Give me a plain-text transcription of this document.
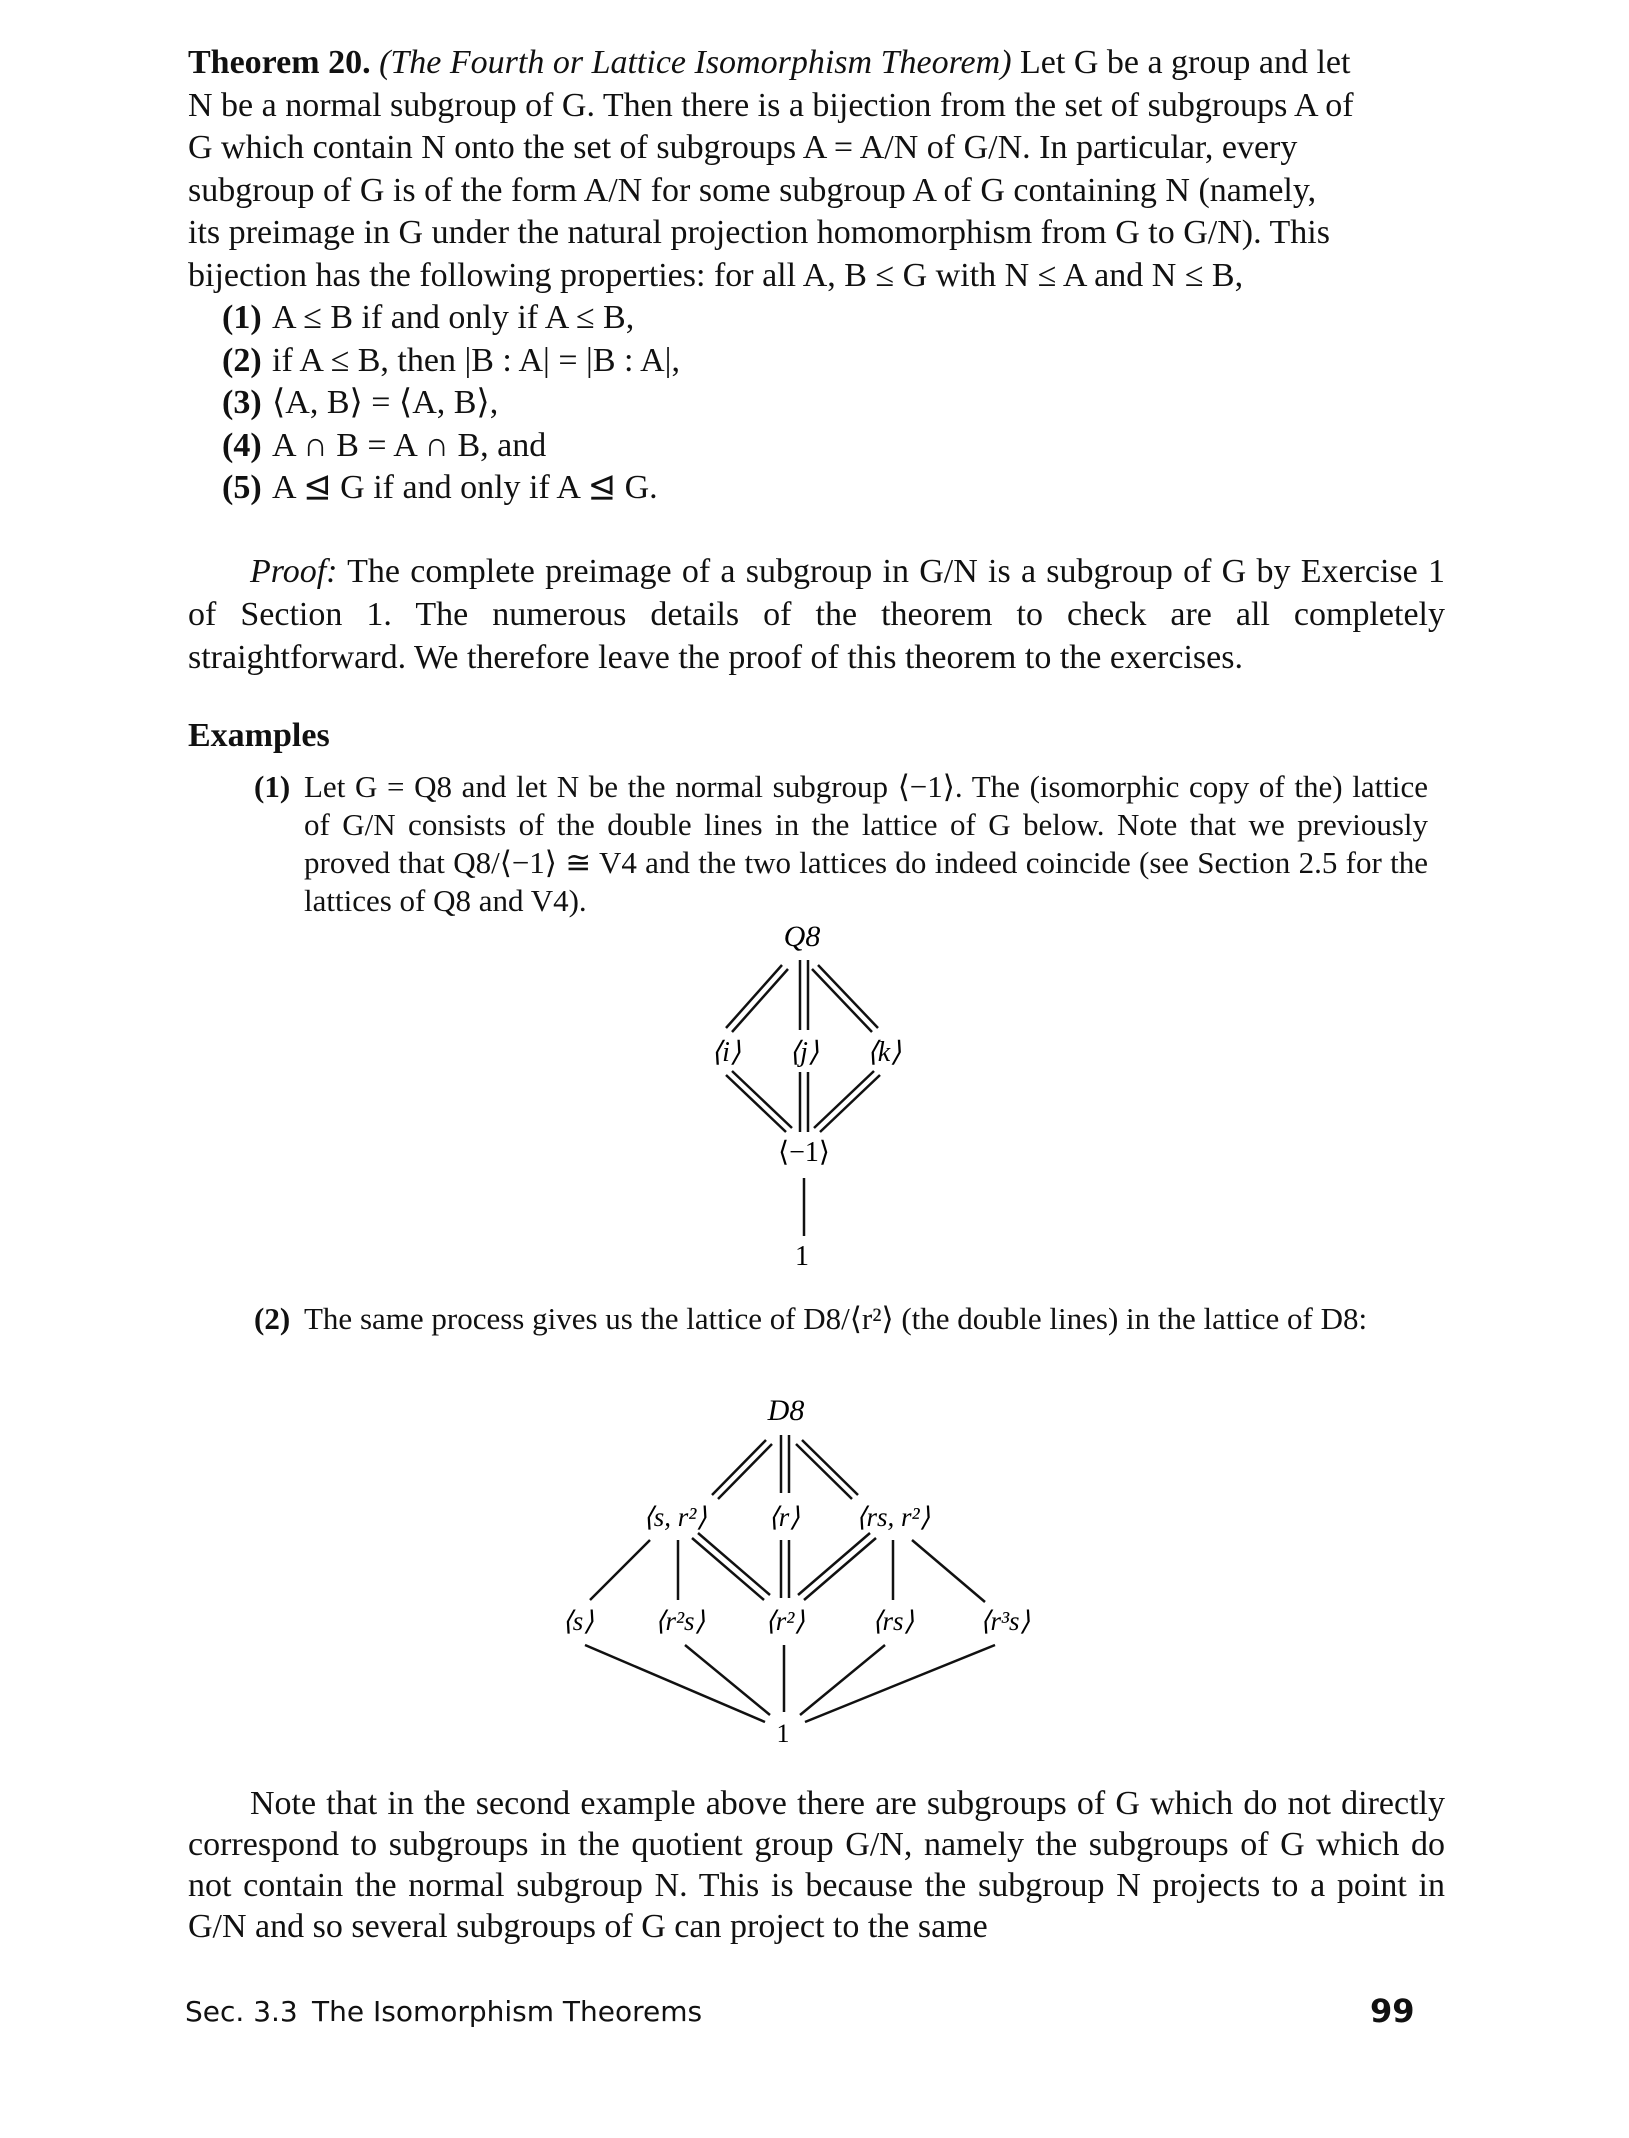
Theorem 20. (The Fourth or Lattice Isomorphism Theorem) Let G be a group and let
N be a normal subgroup of G. Then there is a bijection from the set of subgroups A of
G which contain N onto the set of subgroups A = A/N of G/N. In particular, every
subgroup of G is of the form A/N for some subgroup A of G containing N (namely,
its preimage in G under the natural projection homomorphism from G to G/N). This
bijection has the following properties: for all A, B ≤ G with N ≤ A and N ≤ B,
(1) A ≤ B if and only if A ≤ B,
(2) if A ≤ B, then |B : A| = |B : A|,
(3) ⟨A, B⟩ = ⟨A, B⟩,
(4) A ∩ B = A ∩ B, and
(5) A ⊴ G if and only if A ⊴ G.
Proof: The complete preimage of a subgroup in G/N is a subgroup of G by Exercise 1 of Section 1. The numerous details of the theorem to check are all completely straightforward. We therefore leave the proof of this theorem to the exercises.
Examples
(1) Let G = Q8 and let N be the normal subgroup ⟨−1⟩. The (isomorphic copy of the) lattice of G/N consists of the double lines in the lattice of G below. Note that we previously proved that Q8/⟨−1⟩ ≅ V4 and the two lattices do indeed coincide (see Section 2.5 for the lattices of Q8 and V4).
Q8
⟨i⟩ ⟨j⟩ ⟨k⟩
⟨−1⟩
1
(2) The same process gives us the lattice of D8/⟨r²⟩ (the double lines) in the lattice of D8:
D8
⟨s, r²⟩ ⟨r⟩ ⟨rs, r²⟩
⟨s⟩ ⟨r²s⟩ ⟨r²⟩ ⟨rs⟩ ⟨r³s⟩
1
Note that in the second example above there are subgroups of G which do not directly correspond to subgroups in the quotient group G/N, namely the subgroups of G which do not contain the normal subgroup N. This is because the subgroup N projects to a point in G/N and so several subgroups of G can project to the same
Sec. 3.3 The Isomorphism Theorems	99
